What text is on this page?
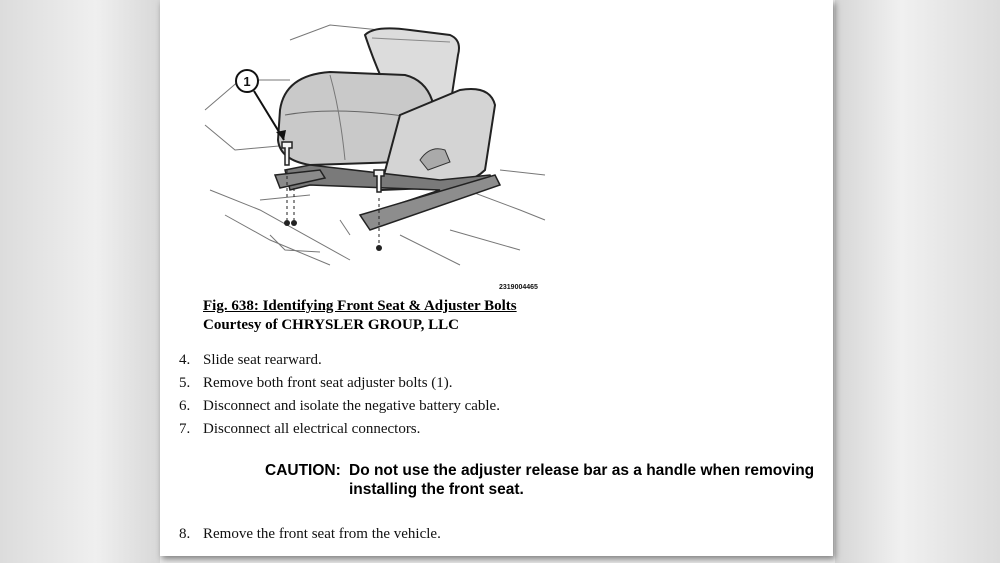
1
2319004465
Fig. 638: Identifying Front Seat & Adjuster Bolts
Courtesy of CHRYSLER GROUP, LLC
4. Slide seat rearward.
5. Remove both front seat adjuster bolts (1).
6. Disconnect and isolate the negative battery cable.
7. Disconnect all electrical connectors.
CAUTION: Do not use the adjuster release bar as a handle when removing
installing the front seat.
8. Remove the front seat from the vehicle.
